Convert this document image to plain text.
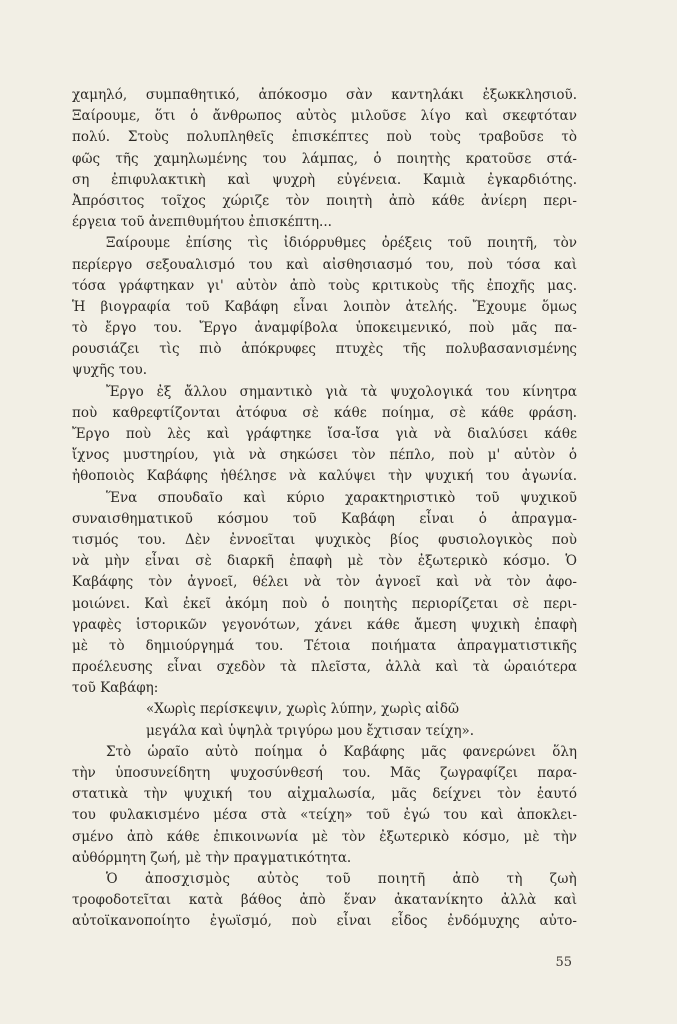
χαμηλό, συμπαθητικό, ἀπόκοσμο σὰν καντηλάκι ἐξωκκλησιοῦ.
Ξαίρουμε, ὅτι ὁ ἄνθρωπος αὐτὸς μιλοῦσε λίγο καὶ σκεφτόταν
πολύ. Στοὺς πολυπληθεῖς ἐπισκέπτες ποὺ τοὺς τραβοῦσε τὸ
φῶς τῆς χαμηλωμένης του λάμπας, ὁ ποιητὴς κρατοῦσε στά-
ση ἐπιφυλακτικὴ καὶ ψυχρὴ εὐγένεια. Καμιὰ ἐγκαρδιότης.
Ἀπρόσιτος τοῖχος χώριζε τὸν ποιητὴ ἀπὸ κάθε ἀνίερη περι-
έργεια τοῦ ἀνεπιθυμήτου ἐπισκέπτη...
Ξαίρουμε ἐπίσης τὶς ἰδιόρρυθμες ὀρέξεις τοῦ ποιητῆ, τὸν
περίεργο σεξουαλισμό του καὶ αἰσθησιασμό του, ποὺ τόσα καὶ
τόσα γράφτηκαν γι' αὐτὸν ἀπὸ τοὺς κριτικοὺς τῆς ἐποχῆς μας.
Ἡ βιογραφία τοῦ Καβάφη εἶναι λοιπὸν ἀτελής. Ἔχουμε ὅμως
τὸ ἔργο του. Ἔργο ἀναμφίβολα ὑποκειμενικό, ποὺ μᾶς πα-
ρουσιάζει τὶς πιὸ ἀπόκρυφες πτυχὲς τῆς πολυβασανισμένης
ψυχῆς του.
Ἔργο ἐξ ἄλλου σημαντικὸ γιὰ τὰ ψυχολογικά του κίνητρα
ποὺ καθρεφτίζονται ἀτόφυα σὲ κάθε ποίημα, σὲ κάθε φράση.
Ἔργο ποὺ λὲς καὶ γράφτηκε ἴσα-ἴσα γιὰ νὰ διαλύσει κάθε
ἴχνος μυστηρίου, γιὰ νὰ σηκώσει τὸν πέπλο, ποὺ μ' αὐτὸν ὁ
ἠθοποιὸς Καβάφης ἠθέλησε νὰ καλύψει τὴν ψυχική του ἀγωνία.
Ἕνα σπουδαῖο καὶ κύριο χαρακτηριστικὸ τοῦ ψυχικοῦ
συναισθηματικοῦ κόσμου τοῦ Καβάφη εἶναι ὁ ἀπραγμα-
τισμός του. Δὲν ἐννοεῖται ψυχικὸς βίος φυσιολογικὸς ποὺ
νὰ μὴν εἶναι σὲ διαρκῆ ἐπαφὴ μὲ τὸν ἐξωτερικὸ κόσμο. Ὁ
Καβάφης τὸν ἀγνοεῖ, θέλει νὰ τὸν ἀγνοεῖ καὶ νὰ τὸν ἀφο-
μοιώνει. Καὶ ἐκεῖ ἀκόμη ποὺ ὁ ποιητὴς περιορίζεται σὲ περι-
γραφὲς ἱστορικῶν γεγονότων, χάνει κάθε ἄμεση ψυχικὴ ἐπαφὴ
μὲ τὸ δημιούργημά του. Τέτοια ποιήματα ἀπραγματιστικῆς
προέλευσης εἶναι σχεδὸν τὰ πλεῖστα, ἀλλὰ καὶ τὰ ὡραιότερα
τοῦ Καβάφη:
«Χωρὶς περίσκεψιν, χωρὶς λύπην, χωρὶς αἰδῶ
μεγάλα καὶ ὑψηλὰ τριγύρω μου ἔχτισαν τείχη».
Στὸ ὡραῖο αὐτὸ ποίημα ὁ Καβάφης μᾶς φανερώνει ὅλη
τὴν ὑποσυνείδητη ψυχοσύνθεσή του. Μᾶς ζωγραφίζει παρα-
στατικὰ τὴν ψυχική του αἰχμαλωσία, μᾶς δείχνει τὸν ἑαυτό
του φυλακισμένο μέσα στὰ «τείχη» τοῦ ἐγώ του καὶ ἀποκλει-
σμένο ἀπὸ κάθε ἐπικοινωνία μὲ τὸν ἐξωτερικὸ κόσμο, μὲ τὴν
αὐθόρμητη ζωή, μὲ τὴν πραγματικότητα.
Ὁ ἀποσχισμὸς αὐτὸς τοῦ ποιητῆ ἀπὸ τὴ ζωὴ
τροφοδοτεῖται κατὰ βάθος ἀπὸ ἕναν ἀκατανίκητο ἀλλὰ καὶ
αὐτοϊκανοποίητο ἐγωϊσμό, ποὺ εἶναι εἶδος ἐνδόμυχης αὐτο-
55
